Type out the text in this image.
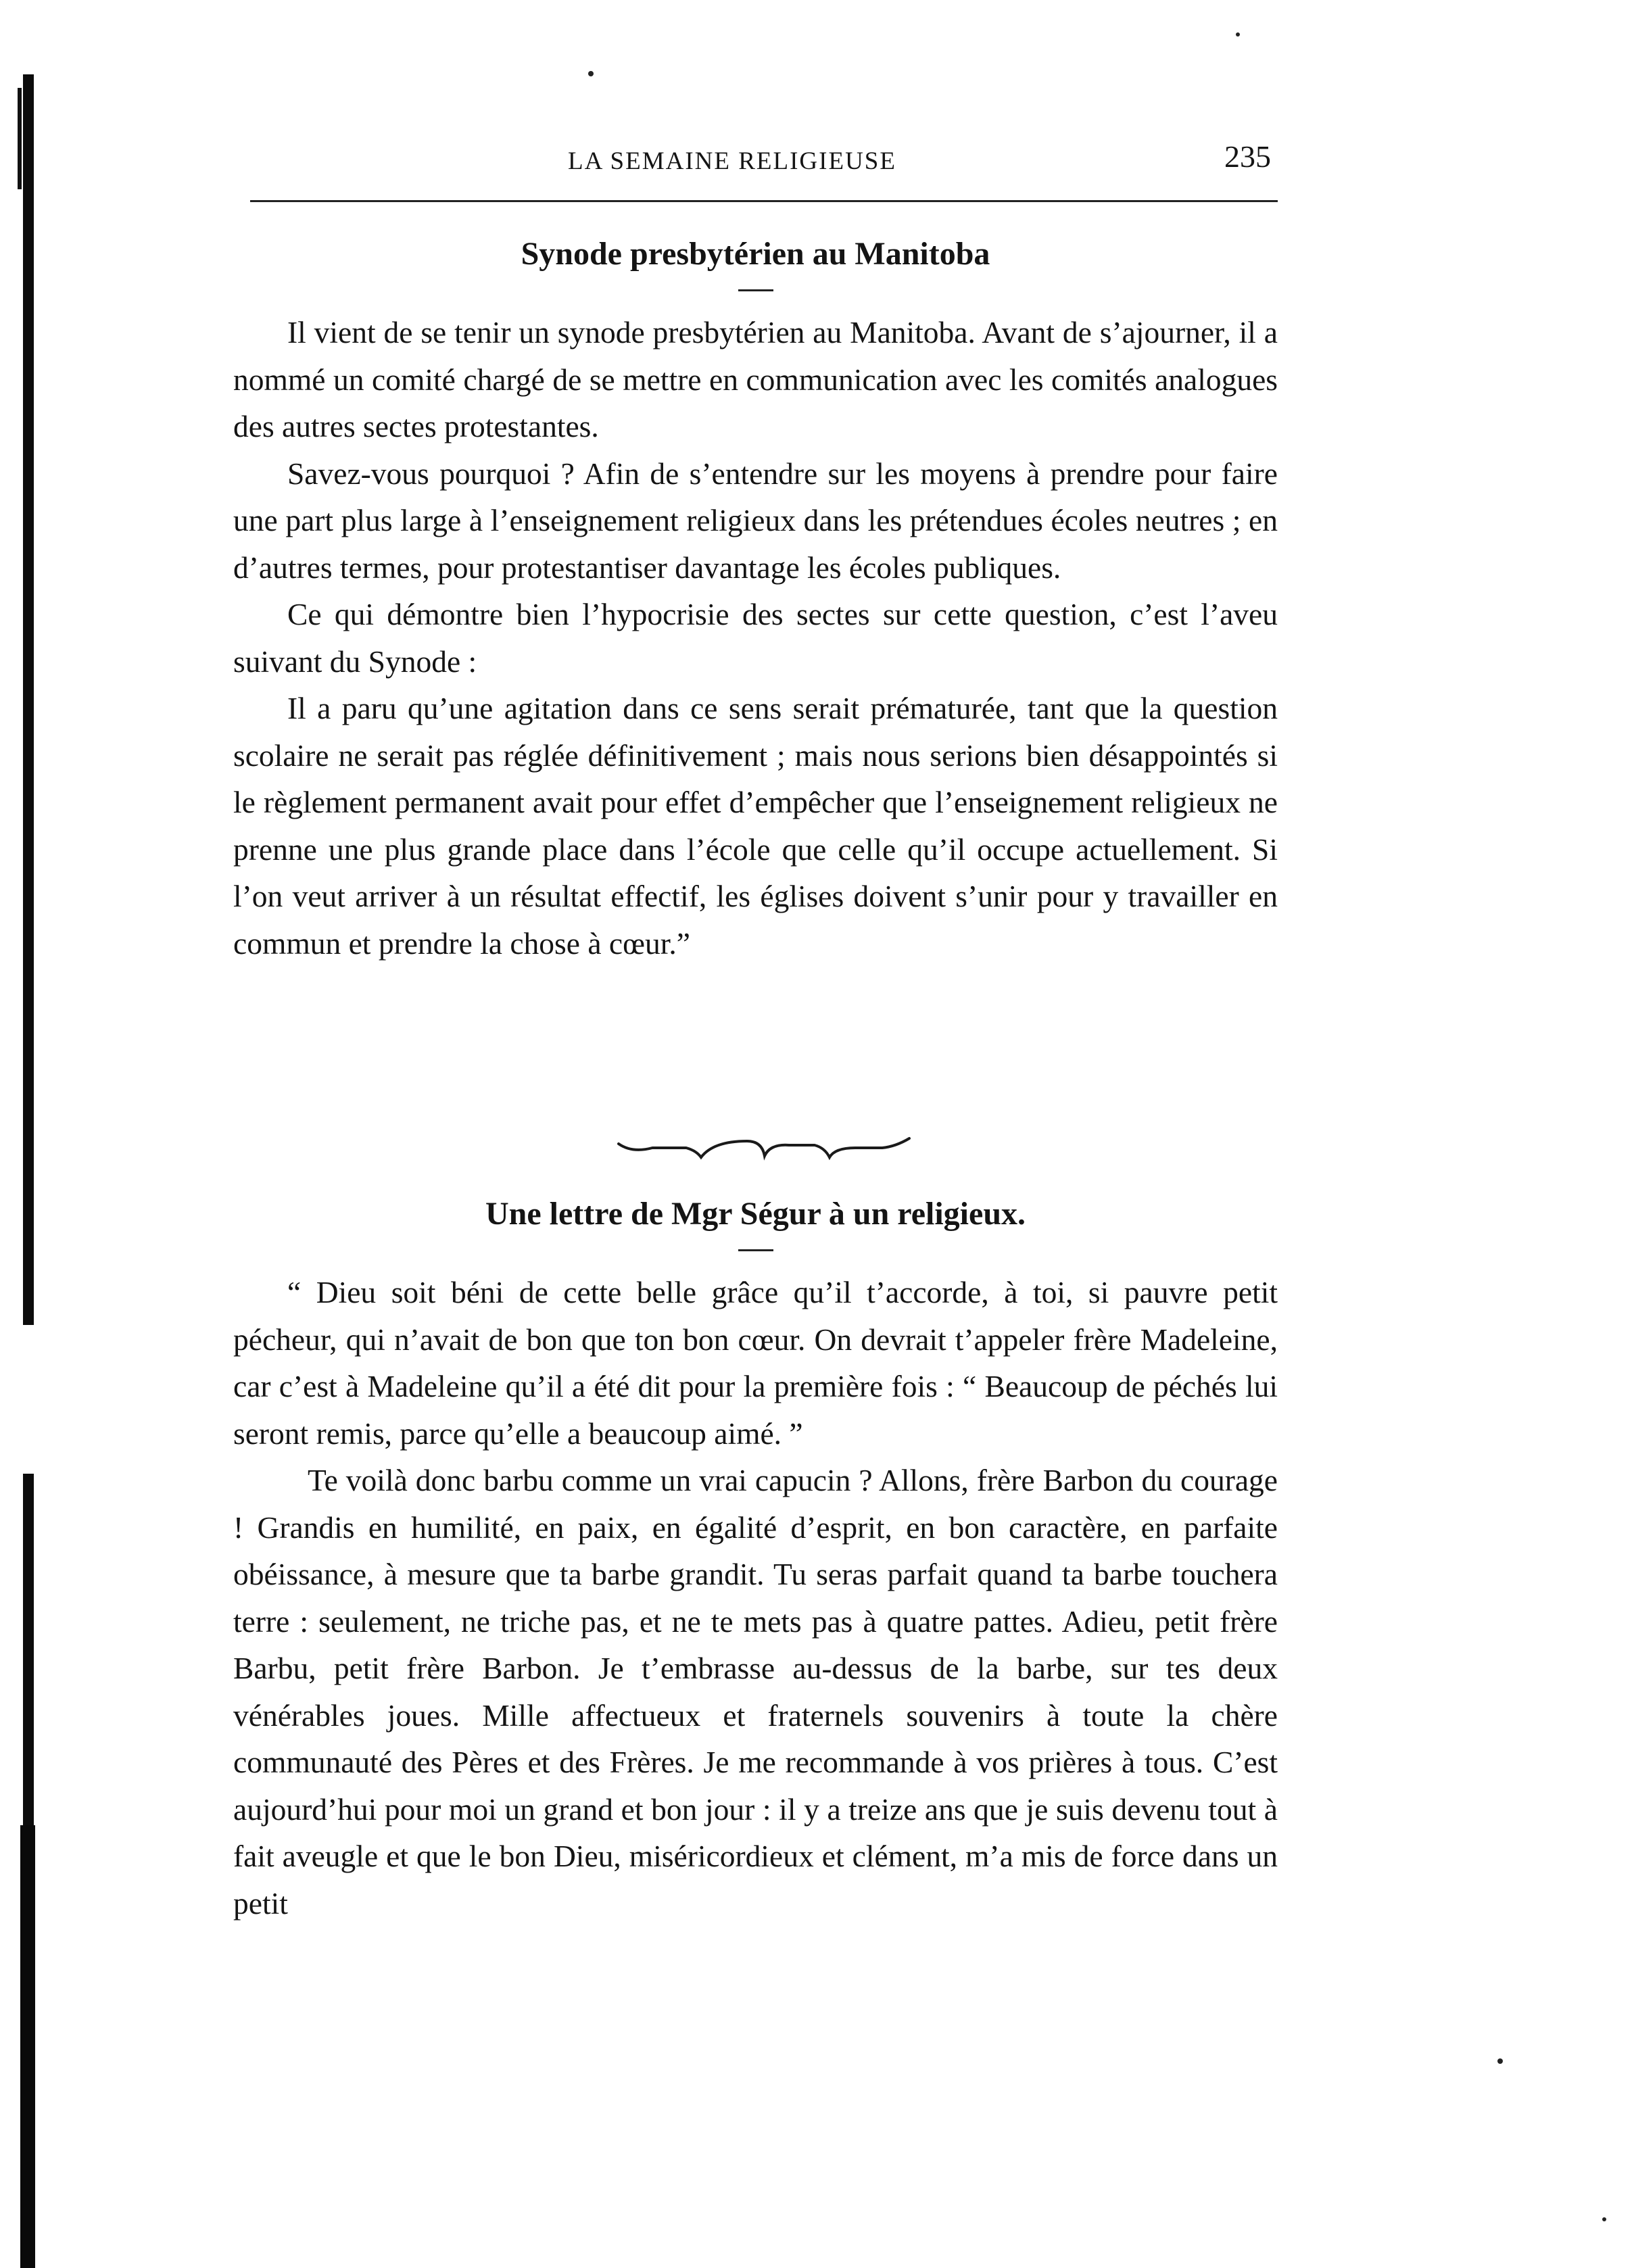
LA SEMAINE RELIGIEUSE	235
Synode presbytérien au Manitoba

Il vient de se tenir un synode presbytérien au Manitoba. Avant de s’ajourner, il a nommé un comité chargé de se mettre en communication avec les comités analogues des autres sectes protestantes.

Savez-vous pourquoi ? Afin de s’entendre sur les moyens à prendre pour faire une part plus large à l’enseignement religieux dans les prétendues écoles neutres ; en d’autres termes, pour protestantiser davantage les écoles publiques.

Ce qui démontre bien l’hypocrisie des sectes sur cette question, c’est l’aveu suivant du Synode :

Il a paru qu’une agitation dans ce sens serait prématurée, tant que la question scolaire ne serait pas réglée définitivement ; mais nous serions bien désappointés si le règlement permanent avait pour effet d’empêcher que l’enseignement religieux ne prenne une plus grande place dans l’école que celle qu’il occupe actuellement. Si l’on veut arriver à un résultat effectif, les églises doivent s’unir pour y travailler en commun et prendre la chose à cœur.”

Une lettre de Mgr Ségur à un religieux.

“ Dieu soit béni de cette belle grâce qu’il t’accorde, à toi, si pauvre petit pécheur, qui n’avait de bon que ton bon cœur. On devrait t’appeler frère Madeleine, car c’est à Madeleine qu’il a été dit pour la première fois : “ Beaucoup de péchés lui seront remis, parce qu’elle a beaucoup aimé. ”

Te voilà donc barbu comme un vrai capucin ? Allons, frère Barbon du courage ! Grandis en humilité, en paix, en égalité d’esprit, en bon caractère, en parfaite obéissance, à mesure que ta barbe grandit. Tu seras parfait quand ta barbe touchera terre : seulement, ne triche pas, et ne te mets pas à quatre pattes. Adieu, petit frère Barbu, petit frère Barbon. Je t’embrasse au-dessus de la barbe, sur tes deux vénérables joues. Mille affectueux et fraternels souvenirs à toute la chère communauté des Pères et des Frères. Je me recommande à vos prières à tous. C’est aujourd’hui pour moi un grand et bon jour : il y a treize ans que je suis devenu tout à fait aveugle et que le bon Dieu, miséricordieux et clément, m’a mis de force dans un petit
